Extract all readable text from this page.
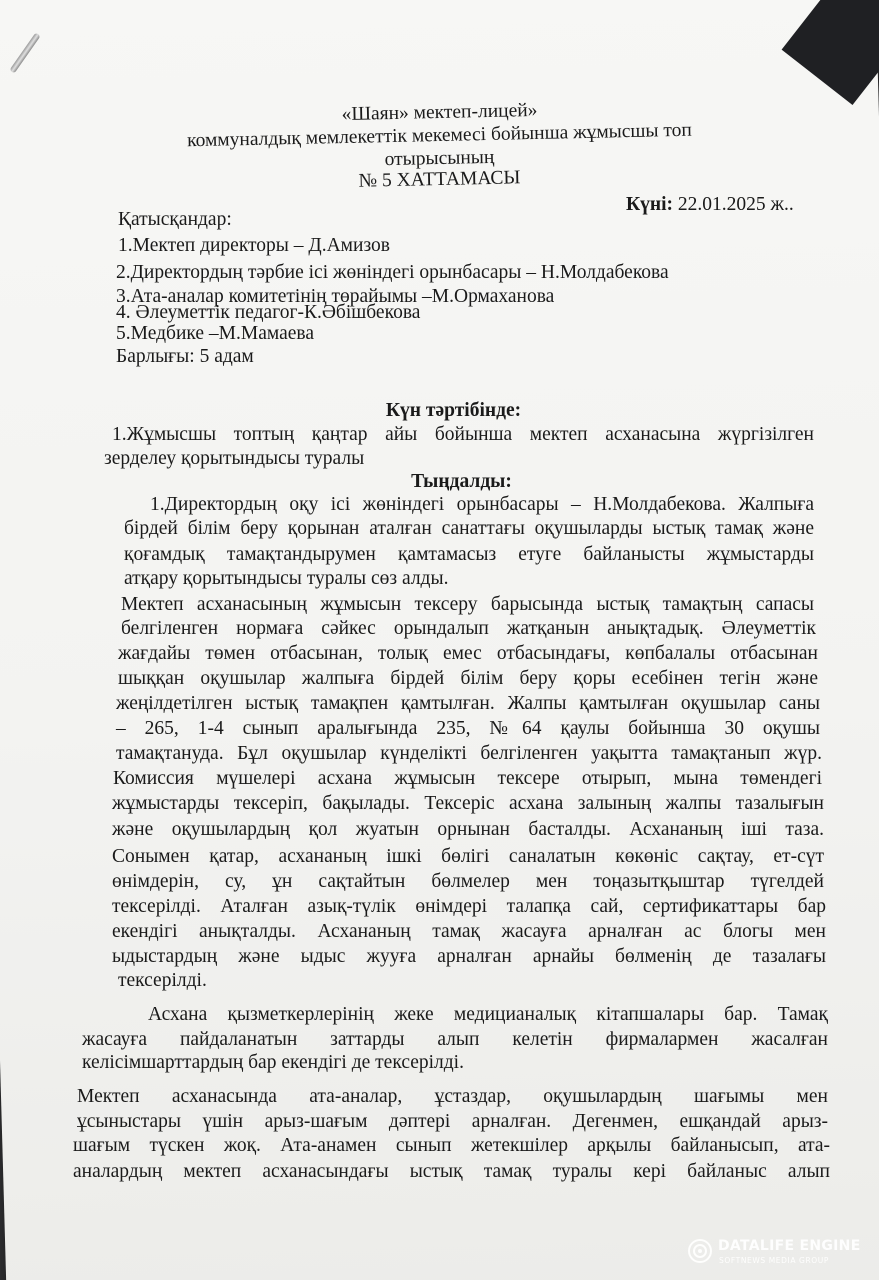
«Шаян» мектеп-лицей»
коммуналдық мемлекеттік мекемесі бойынша жұмысшы топ
отырысының
№ 5 ХАТТАМАСЫ
Күні: 22.01.2025 ж..
Қатысқандар:
1.Мектеп директоры – Д.Амизов
2.Директордың тәрбие ісі жөніндегі орынбасары – Н.Молдабекова
3.Ата-аналар комитетінің төрайымы –М.Ормаханова
4. Әлеуметтік педагог-К.Әбішбекова
5.Медбике –М.Мамаева
Барлығы: 5 адам
Күн тәртібінде:
1.Жұмысшы топтың қаңтар айы бойынша мектеп асханасына жүргізілген
зерделеу қорытындысы туралы
Тыңдалды:
1.Директордың оқу ісі жөніндегі орынбасары – Н.Молдабекова. Жалпыға
бірдей білім беру қорынан аталған санаттағы оқушыларды ыстық тамақ және
қоғамдық тамақтандырумен қамтамасыз етуге байланысты жұмыстарды
атқару қорытындысы туралы сөз алды.
Мектеп асханасының жұмысын тексеру барысында ыстық тамақтың сапасы
белгіленген нормаға сәйкес орындалып жатқанын анықтадық. Әлеуметтік
жағдайы төмен отбасынан, толық емес отбасындағы, көпбалалы отбасынан
шыққан оқушылар жалпыға бірдей білім беру қоры есебінен тегін және
жеңілдетілген ыстық тамақпен қамтылған. Жалпы қамтылған оқушылар саны
– 265, 1-4 сынып аралығында 235, №64 қаулы бойынша 30 оқушы
тамақтануда. Бұл оқушылар күнделікті белгіленген уақытта тамақтанып жүр.
Комиссия мүшелері асхана жұмысын тексере отырып, мына төмендегі
жұмыстарды тексеріп, бақылады. Тексеріс асхана залының жалпы тазалығын
және оқушылардың қол жуатын орнынан басталды. Асхананың іші таза.
Сонымен қатар, асхананың ішкі бөлігі саналатын көкөніс сақтау, ет-сүт
өнімдерін, су, ұн сақтайтын бөлмелер мен тоңазытқыштар түгелдей
тексерілді. Аталған азық-түлік өнімдері талапқа сай, сертификаттары бар
екендігі анықталды. Асхананың тамақ жасауға арналған ас блогы мен
ыдыстардың және ыдыс жууға арналған арнайы бөлменің де тазалағы
тексерілді.
Асхана қызметкерлерінің жеке медицианалық кітапшалары бар. Тамақ
жасауға пайдаланатын заттарды алып келетін фирмалармен жасалған
келісімшарттардың бар екендігі де тексерілді.
Мектеп асханасында ата-аналар, ұстаздар, оқушылардың шағымы мен
ұсыныстары үшін арыз-шағым дәптері арналған. Дегенмен, ешқандай арыз-
шағым түскен жоқ. Ата-анамен сынып жетекшілер арқылы байланысып, ата-
аналардың мектеп асханасындағы ыстық тамақ туралы кері байланыс алып
DATALIFE ENGINE
SOFTNEWS MEDIA GROUP
